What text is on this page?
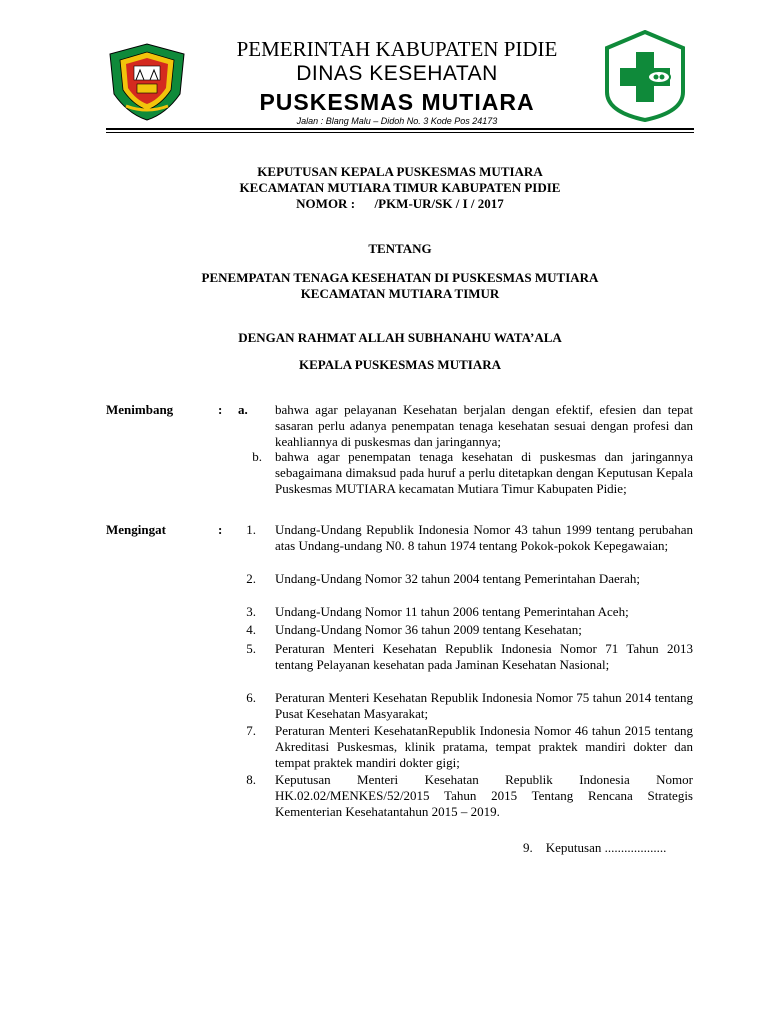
PEMERINTAH KABUPATEN PIDIE
DINAS KESEHATAN
PUSKESMAS MUTIARA
Jalan : Blang Malu – Didoh No. 3 Kode Pos 24173
KEPUTUSAN KEPALA PUSKESMAS MUTIARA
KECAMATAN MUTIARA TIMUR KABUPATEN PIDIE
NOMOR :      /PKM-UR/SK / I / 2017
TENTANG
PENEMPATAN TENAGA KESEHATAN DI PUSKESMAS MUTIARA
KECAMATAN MUTIARA TIMUR
DENGAN RAHMAT ALLAH SUBHANAHU WATA’ALA
KEPALA PUSKESMAS MUTIARA
Menimbang	: a.	bahwa agar pelayanan Kesehatan berjalan dengan efektif, efesien dan tepat sasaran perlu adanya penempatan tenaga kesehatan sesuai dengan profesi dan keahliannya di puskesmas dan jaringannya;
b. bahwa agar penempatan tenaga kesehatan di puskesmas dan jaringannya sebagaimana dimaksud pada huruf a perlu ditetapkan dengan Keputusan Kepala Puskesmas MUTIARA kecamatan Mutiara Timur Kabupaten Pidie;
Mengingat	:	1. Undang-Undang Republik Indonesia Nomor 43 tahun 1999 tentang perubahan atas Undang-undang N0. 8 tahun 1974 tentang Pokok-pokok Kepegawaian;
2. Undang-Undang Nomor 32 tahun 2004 tentang Pemerintahan Daerah;
3. Undang-Undang Nomor 11 tahun 2006 tentang Pemerintahan Aceh;
4. Undang-Undang Nomor 36 tahun 2009 tentang Kesehatan;
5. Peraturan Menteri Kesehatan Republik Indonesia Nomor 71 Tahun 2013 tentang Pelayanan kesehatan pada Jaminan Kesehatan Nasional;
6. Peraturan Menteri Kesehatan Republik Indonesia Nomor 75 tahun 2014 tentang Pusat Kesehatan Masyarakat;
7. Peraturan Menteri KesehatanRepublik Indonesia Nomor 46 tahun 2015 tentang Akreditasi Puskesmas, klinik pratama, tempat praktek mandiri dokter dan tempat praktek mandiri dokter gigi;
8. Keputusan Menteri Kesehatan Republik Indonesia Nomor HK.02.02/MENKES/52/2015 Tahun 2015 Tentang Rencana Strategis Kementerian Kesehatantahun 2015 – 2019.
9.    Keputusan ...................
